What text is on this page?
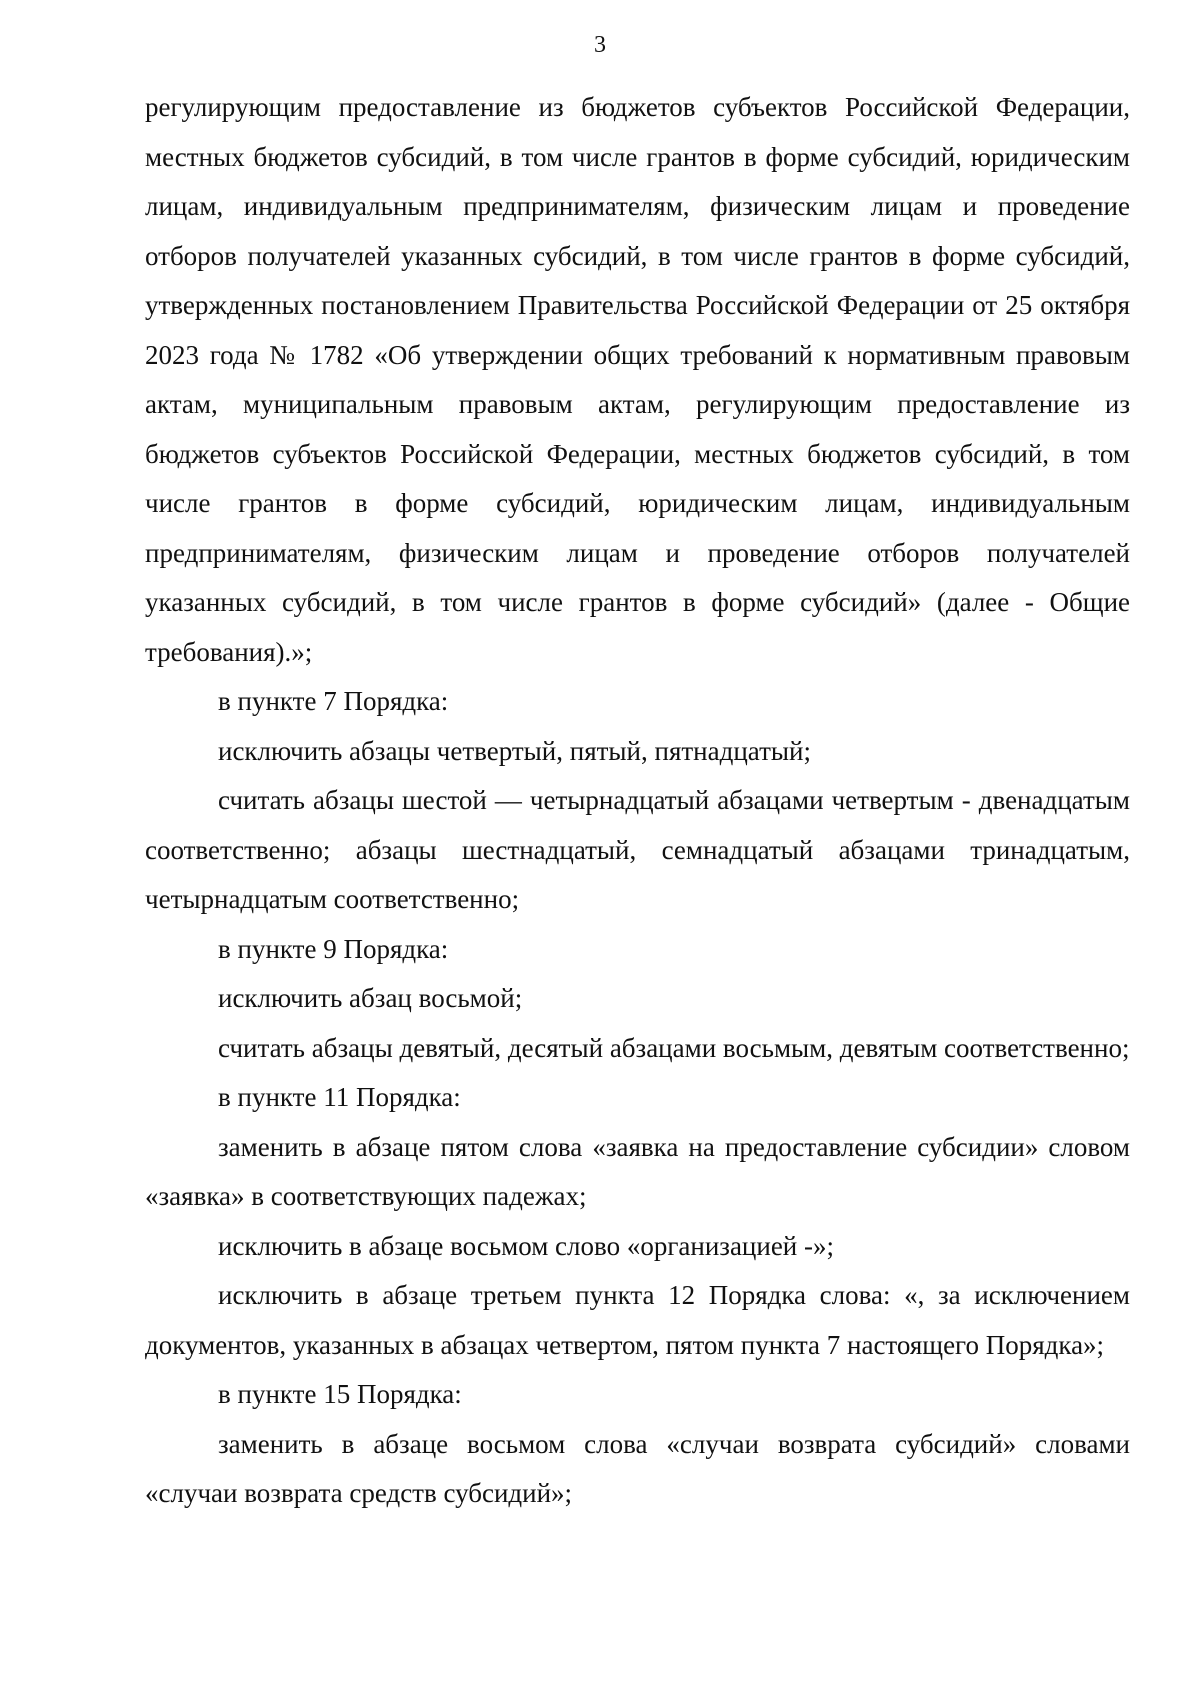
3

регулирующим предоставление из бюджетов субъектов Российской Федерации, местных бюджетов субсидий, в том числе грантов в форме субсидий, юридическим лицам, индивидуальным предпринимателям, физическим лицам и проведение отборов получателей указанных субсидий, в том числе грантов в форме субсидий, утвержденных постановлением Правительства Российской Федерации от 25 октября 2023 года № 1782 «Об утверждении общих требований к нормативным правовым актам, муниципальным правовым актам, регулирующим предоставление из бюджетов субъектов Российской Федерации, местных бюджетов субсидий, в том числе грантов в форме субсидий, юридическим лицам, индивидуальным предпринимателям, физическим лицам и проведение отборов получателей указанных субсидий, в том числе грантов в форме субсидий» (далее - Общие требования).»;

в пункте 7 Порядка:

исключить абзацы четвертый, пятый, пятнадцатый;

считать абзацы шестой — четырнадцатый абзацами четвертым - двенадцатым соответственно; абзацы шестнадцатый, семнадцатый абзацами тринадцатым, четырнадцатым соответственно;

в пункте 9 Порядка:

исключить абзац восьмой;

считать абзацы девятый, десятый абзацами восьмым, девятым соответственно;

в пункте 11 Порядка:

заменить в абзаце пятом слова «заявка на предоставление субсидии» словом «заявка» в соответствующих падежах;

исключить в абзаце восьмом слово «организацией -»;

исключить в абзаце третьем пункта 12 Порядка слова: «, за исключением документов, указанных в абзацах четвертом, пятом пункта 7 настоящего Порядка»;

в пункте 15 Порядка:

заменить в абзаце восьмом слова «случаи возврата субсидий» словами «случаи возврата средств субсидий»;
